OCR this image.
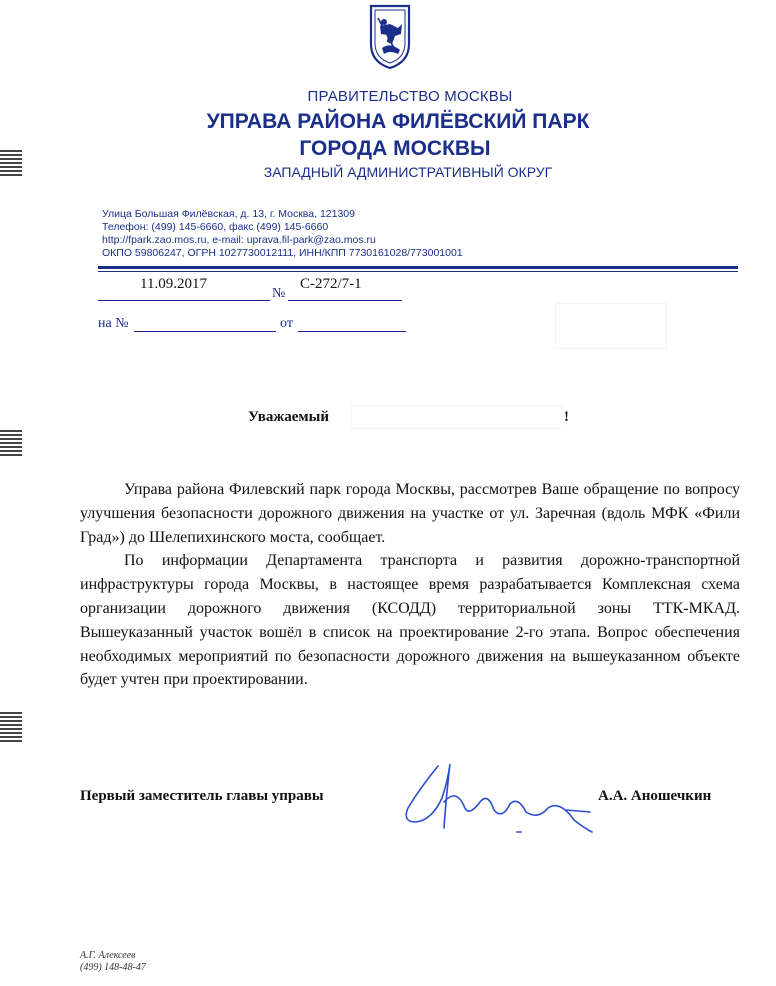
ПРАВИТЕЛЬСТВО МОСКВЫ
УПРАВА РАЙОНА ФИЛЁВСКИЙ ПАРК
ГОРОДА МОСКВЫ
ЗАПАДНЫЙ АДМИНИСТРАТИВНЫЙ ОКРУГ
Улица Большая Филёвская, д. 13, г. Москва, 121309
Телефон: (499) 145-6660, факс (499) 145-6660
http://fpark.zao.mos.ru, e-mail: uprava.fil-park@zao.mos.ru
ОКПО 59806247, ОГРН 1027730012111, ИНН/КПП 7730161028/773001001
11.09.2017
№
С-272/7-1
на №	от
Уважаемый	!

Управа района Филевский парк города Москвы, рассмотрев Ваше обращение по вопросу улучшения безопасности дорожного движения на участке от ул. Заречная (вдоль МФК «Фили Град») до Шелепихинского моста, сообщает.

По информации Департамента транспорта и развития дорожно-транспортной инфраструктуры города Москвы, в настоящее время разрабатывается Комплексная схема организации дорожного движения (КСОДД) территориальной зоны ТТК-МКАД. Вышеуказанный участок вошёл в список на проектирование 2-го этапа. Вопрос обеспечения необходимых мероприятий по безопасности дорожного движения на вышеуказанном объекте будет учтен при проектировании.

Первый заместитель главы управы	А.А. Аношечкин
А.Г. Алексеев
(499) 148-48-47
